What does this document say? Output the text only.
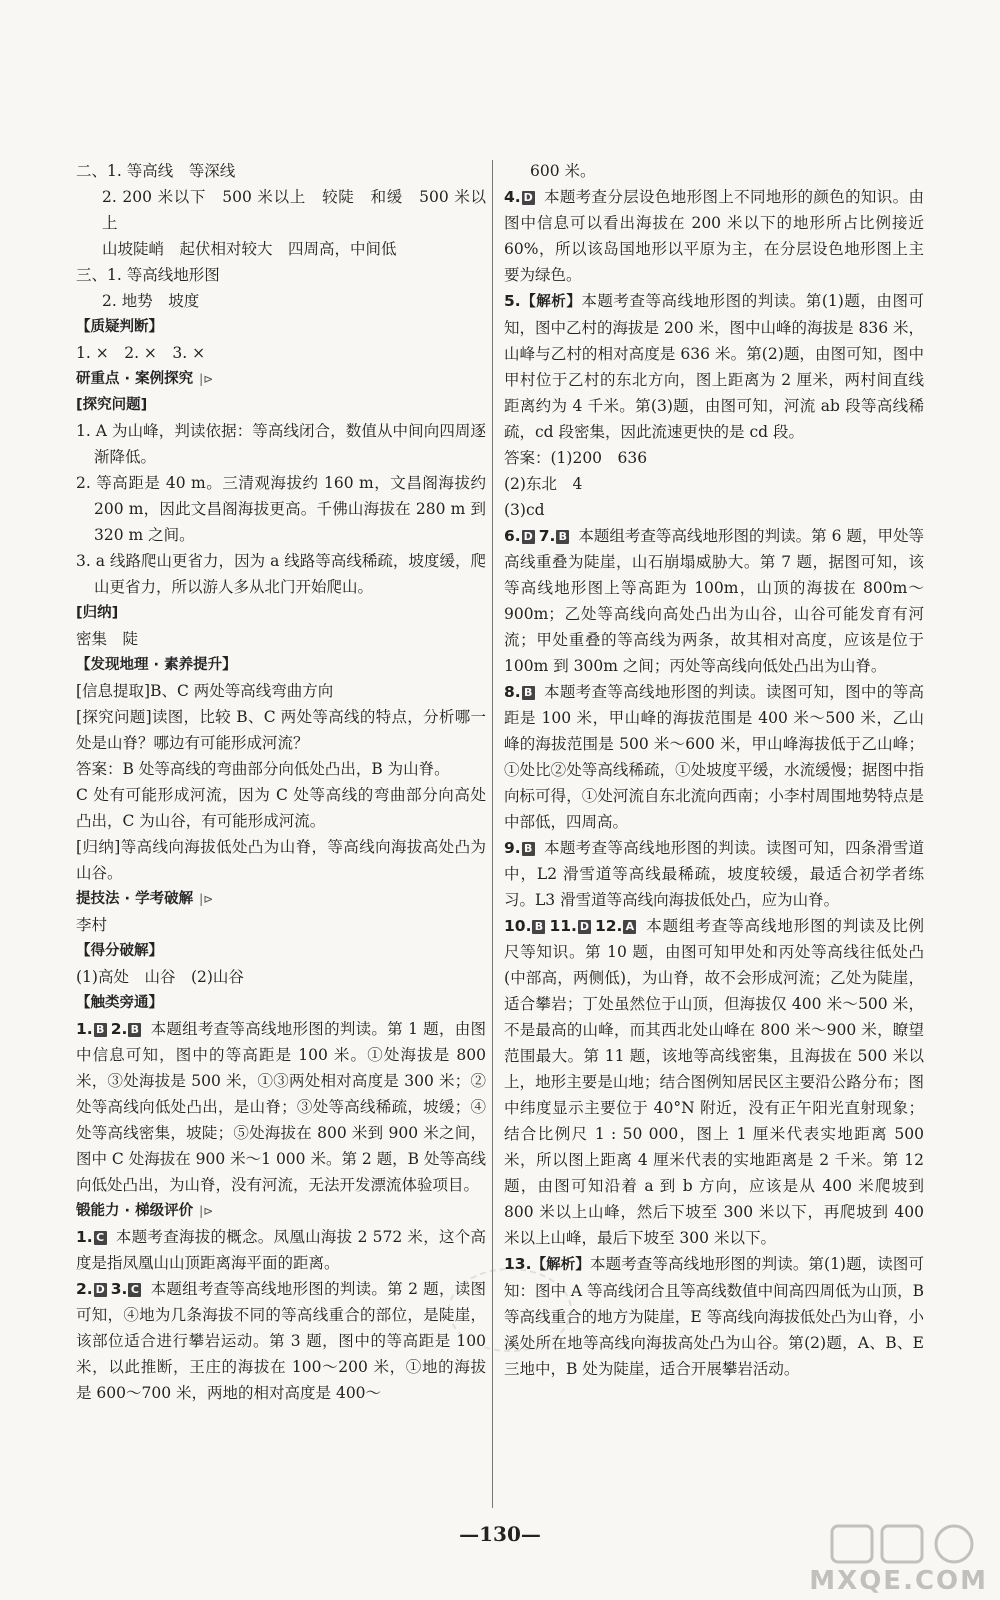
二、1. 等高线　等深线

2. 200 米以下　500 米以上　较陡　和缓　500 米以上

山坡陡峭　起伏相对较大　四周高，中间低

三、1. 等高线地形图

2. 地势　坡度

【质疑判断】

1. ×　2. ×　3. ×

研重点 · 案例探究 |⊳

[探究问题]

1. A 为山峰，判读依据：等高线闭合，数值从中间向四周逐渐降低。

2. 等高距是 40 m。三清观海拔约 160 m，文昌阁海拔约 200 m，因此文昌阁海拔更高。千佛山海拔在 280 m 到 320 m 之间。

3. a 线路爬山更省力，因为 a 线路等高线稀疏，坡度缓，爬山更省力，所以游人多从北门开始爬山。

[归纳]

密集　陡

【发现地理 · 素养提升】

[信息提取]B、C 两处等高线弯曲方向

[探究问题]读图，比较 B、C 两处等高线的特点，分析哪一处是山脊？哪边有可能形成河流？

答案：B 处等高线的弯曲部分向低处凸出，B 为山脊。

C 处有可能形成河流，因为 C 处等高线的弯曲部分向高处凸出，C 为山谷，有可能形成河流。

[归纳]等高线向海拔低处凸为山脊，等高线向海拔高处凸为山谷。

提技法 · 学考破解 |⊳

李村

【得分破解】

(1)高处　山谷　(2)山谷

【触类旁通】

1. B 2. B 本题组考查等高线地形图的判读。第 1 题，由图中信息可知，图中的等高距是 100 米。①处海拔是 800 米，③处海拔是 500 米，①③两处相对高度是 300 米；②处等高线向低处凸出，是山脊；③处等高线稀疏，坡缓；④处等高线密集，坡陡；⑤处海拔在 800 米到 900 米之间，图中 C 处海拔在 900 米～1 000 米。第 2 题，B 处等高线向低处凸出，为山脊，没有河流，无法开发漂流体验项目。

锻能力 · 梯级评价 |⊳

1. C 本题考查海拔的概念。凤凰山海拔 2 572 米，这个高度是指凤凰山山顶距离海平面的距离。

2. D 3. C 本题组考查等高线地形图的判读。第 2 题，读图可知，④地为几条海拔不同的等高线重合的部位，是陡崖，该部位适合进行攀岩运动。第 3 题，图中的等高距是 100 米，以此推断，王庄的海拔在 100～200 米，①地的海拔是 600～700 米，两地的相对高度是 400～

600 米。

4. D 本题考查分层设色地形图上不同地形的颜色的知识。由图中信息可以看出海拔在 200 米以下的地形所占比例接近 60%，所以该岛国地形以平原为主，在分层设色地形图上主要为绿色。

5.【解析】本题考查等高线地形图的判读。第(1)题，由图可知，图中乙村的海拔是 200 米，图中山峰的海拔是 836 米，山峰与乙村的相对高度是 636 米。第(2)题，由图可知，图中甲村位于乙村的东北方向，图上距离为 2 厘米，两村间直线距离约为 4 千米。第(3)题，由图可知，河流 ab 段等高线稀疏，cd 段密集，因此流速更快的是 cd 段。

答案：(1)200　636

(2)东北　4

(3)cd

6. D 7. B 本题组考查等高线地形图的判读。第 6 题，甲处等高线重叠为陡崖，山石崩塌威胁大。第 7 题，据图可知，该等高线地形图上等高距为 100m，山顶的海拔在 800m～900m；乙处等高线向高处凸出为山谷，山谷可能发育有河流；甲处重叠的等高线为两条，故其相对高度，应该是位于 100m 到 300m 之间；丙处等高线向低处凸出为山脊。

8. B 本题考查等高线地形图的判读。读图可知，图中的等高距是 100 米，甲山峰的海拔范围是 400 米～500 米，乙山峰的海拔范围是 500 米～600 米，甲山峰海拔低于乙山峰；①处比②处等高线稀疏，①处坡度平缓，水流缓慢；据图中指向标可得，①处河流自东北流向西南；小李村周围地势特点是中部低，四周高。

9. B 本题考查等高线地形图的判读。读图可知，四条滑雪道中，L2 滑雪道等高线最稀疏，坡度较缓，最适合初学者练习。L3 滑雪道等高线向海拔低处凸，应为山脊。

10. B 11. D 12. A 本题组考查等高线地形图的判读及比例尺等知识。第 10 题，由图可知甲处和丙处等高线往低处凸(中部高，两侧低)，为山脊，故不会形成河流；乙处为陡崖，适合攀岩；丁处虽然位于山顶，但海拔仅 400 米～500 米，不是最高的山峰，而其西北处山峰在 800 米～900 米，瞭望范围最大。第 11 题，该地等高线密集，且海拔在 500 米以上，地形主要是山地；结合图例知居民区主要沿公路分布；图中纬度显示主要位于 40°N 附近，没有正午阳光直射现象；结合比例尺 1 : 50 000，图上 1 厘米代表实地距离 500 米，所以图上距离 4 厘米代表的实地距离是 2 千米。第 12 题，由图可知沿着 a 到 b 方向，应该是从 400 米爬坡到 800 米以上山峰，然后下坡至 300 米以下，再爬坡到 400 米以上山峰，最后下坡至 300 米以下。

13.【解析】本题考查等高线地形图的判读。第(1)题，读图可知：图中 A 等高线闭合且等高线数值中间高四周低为山顶，B 等高线重合的地方为陡崖，E 等高线向海拔低处凸为山脊，小溪处所在地等高线向海拔高处凸为山谷。第(2)题，A、B、E 三地中，B 处为陡崖，适合开展攀岩活动。

—130—
MXQE.COM
